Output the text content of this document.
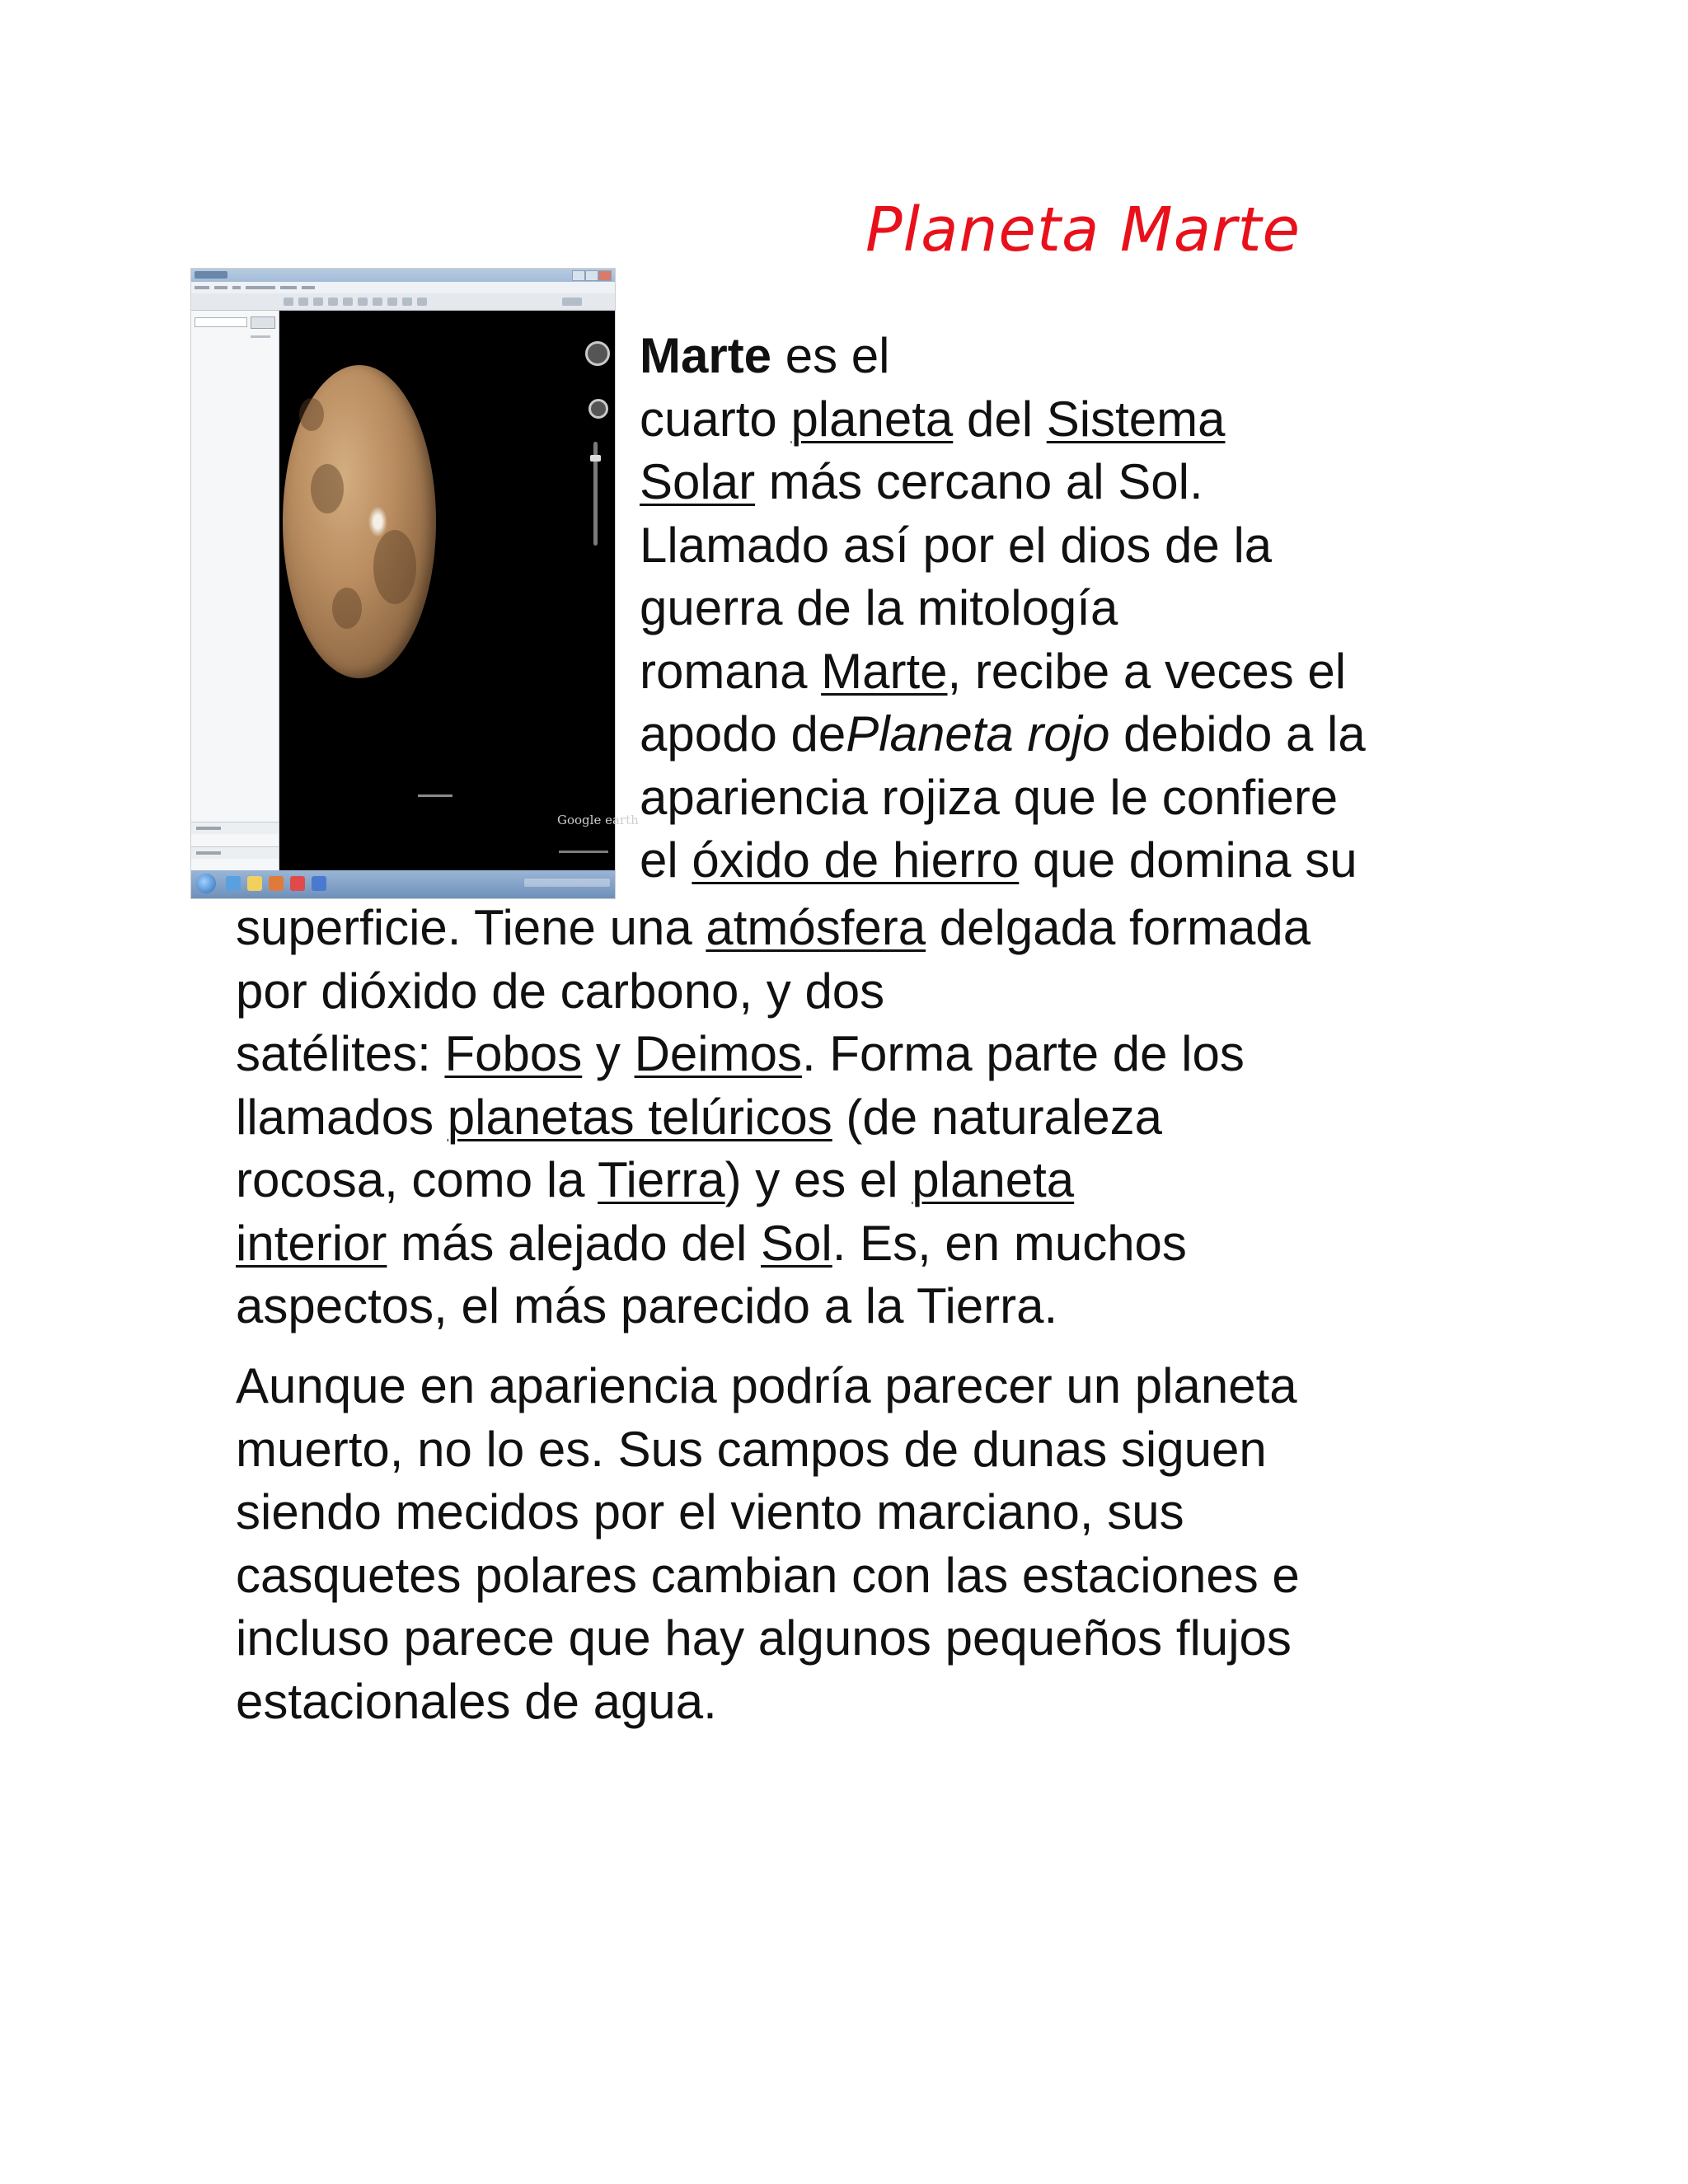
Planeta Marte
Google earth
Marte es el
cuarto planeta del Sistema
Solar más cercano al Sol.
Llamado así por el dios de la
guerra de la mitología
romana Marte, recibe a veces el
apodo dePlaneta rojo debido a la
apariencia rojiza que le confiere
el óxido de hierro que domina su
superficie. Tiene una atmósfera delgada formada
por dióxido de carbono, y dos
satélites: Fobos y Deimos. Forma parte de los
llamados planetas telúricos (de naturaleza
rocosa, como la Tierra) y es el planeta
interior más alejado del Sol. Es, en muchos
aspectos, el más parecido a la Tierra.
Aunque en apariencia podría parecer un planeta
muerto, no lo es. Sus campos de dunas siguen
siendo mecidos por el viento marciano, sus
casquetes polares cambian con las estaciones e
incluso parece que hay algunos pequeños flujos
estacionales de agua.
